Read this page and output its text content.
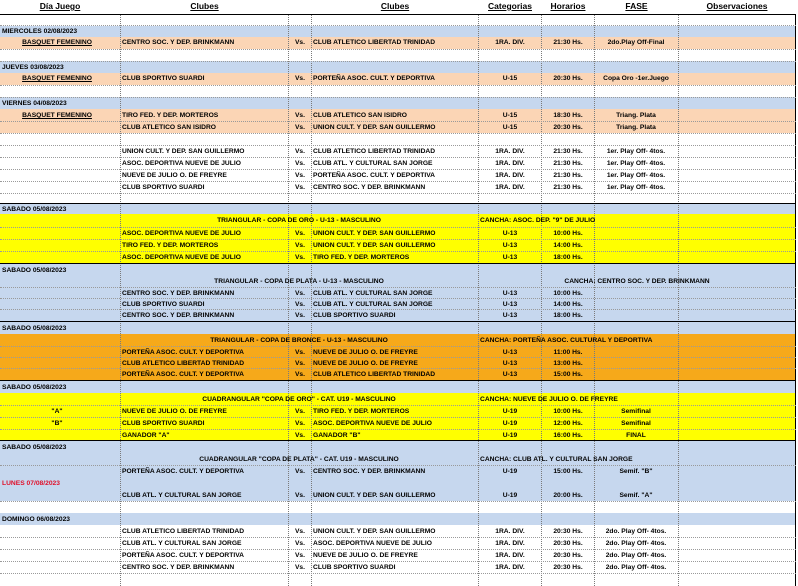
Día Juego	Clubes	Clubes	Categorias	Horarios	FASE	Observaciones
MIERCOLES 02/08/2023
BASQUET FEMENINO	CENTRO SOC. Y DEP. BRINKMANN	Vs.	CLUB ATLETICO LIBERTAD TRINIDAD	1RA. DIV.	21:30 Hs.	2do.Play Off-Final
JUEVES 03/08/2023
BASQUET FEMENINO	CLUB SPORTIVO SUARDI	Vs.	PORTEÑA ASOC. CULT. Y DEPORTIVA	U-15	20:30 Hs.	Copa Oro -1er.Juego
VIERNES 04/08/2023
BASQUET FEMENINO	TIRO FED. Y DEP. MORTEROS	Vs.	CLUB ATLETICO SAN ISIDRO	U-15	18:30 Hs.	Triang. Plata
CLUB ATLETICO SAN ISIDRO	Vs.	UNION CULT. Y DEP. SAN GUILLERMO	U-15	20:30 Hs.	Triang. Plata
UNION CULT. Y DEP. SAN GUILLERMO	Vs.	CLUB ATLETICO LIBERTAD TRINIDAD	1RA. DIV.	21:30 Hs.	1er. Play Off- 4tos.
ASOC. DEPORTIVA NUEVE DE JULIO	Vs.	CLUB ATL. Y CULTURAL SAN JORGE	1RA. DIV.	21:30 Hs.	1er. Play Off- 4tos.
NUEVE DE JULIO O. DE FREYRE	Vs.	PORTEÑA ASOC. CULT. Y DEPORTIVA	1RA. DIV.	21:30 Hs.	1er. Play Off- 4tos.
CLUB SPORTIVO SUARDI	Vs.	CENTRO SOC. Y DEP. BRINKMANN	1RA. DIV.	21:30 Hs.	1er. Play Off- 4tos.
SABADO 05/08/2023
TRIANGULAR - COPA DE ORO - U-13 - MASCULINO	CANCHA: ASOC. DEP. "9" DE JULIO
ASOC. DEPORTIVA NUEVE DE JULIO	Vs.	UNION CULT. Y DEP. SAN GUILLERMO	U-13	10:00 Hs.
TIRO FED. Y DEP. MORTEROS	Vs.	UNION CULT. Y DEP. SAN GUILLERMO	U-13	14:00 Hs.
ASOC. DEPORTIVA NUEVE DE JULIO	Vs.	TIRO FED. Y DEP. MORTEROS	U-13	18:00 Hs.
SABADO 05/08/2023
TRIANGULAR - COPA DE PLATA - U-13 - MASCULINO	CANCHA: CENTRO SOC. Y DEP. BRINKMANN
CENTRO SOC. Y DEP. BRINKMANN	Vs.	CLUB ATL. Y CULTURAL SAN JORGE	U-13	10:00 Hs.
CLUB SPORTIVO SUARDI	Vs.	CLUB ATL. Y CULTURAL SAN JORGE	U-13	14:00 Hs.
CENTRO SOC. Y DEP. BRINKMANN	Vs.	CLUB SPORTIVO SUARDI	U-13	18:00 Hs.
SABADO 05/08/2023
TRIANGULAR - COPA DE BRONCE - U-13 - MASCULINO	CANCHA: PORTEÑA ASOC. CULTURAL Y DEPORTIVA
PORTEÑA ASOC. CULT. Y DEPORTIVA	Vs.	NUEVE DE JULIO O. DE FREYRE	U-13	11:00 Hs.
CLUB ATLETICO LIBERTAD TRINIDAD	Vs.	NUEVE DE JULIO O. DE FREYRE	U-13	13:00 Hs.
PORTEÑA ASOC. CULT. Y DEPORTIVA	Vs.	CLUB ATLETICO LIBERTAD TRINIDAD	U-13	15:00 Hs.
SABADO 05/08/2023
CUADRANGULAR "COPA DE ORO" - CAT. U19 - MASCULINO	CANCHA: NUEVE DE JULIO O. DE FREYRE
"A"	NUEVE DE JULIO O. DE FREYRE	Vs.	TIRO FED. Y DEP. MORTEROS	U-19	10:00 Hs.	Semifinal
"B"	CLUB SPORTIVO SUARDI	Vs.	ASOC. DEPORTIVA NUEVE DE JULIO	U-19	12:00 Hs.	Semifinal
GANADOR "A"	Vs.	GANADOR "B"	U-19	16:00 Hs.	FINAL
SABADO 05/08/2023
CUADRANGULAR "COPA DE PLATA" - CAT. U19 - MASCULINO	CANCHA: CLUB ATL. Y CULTURAL SAN JORGE
PORTEÑA ASOC. CULT. Y DEPORTIVA	Vs.	CENTRO SOC. Y DEP. BRINKMANN	U-19	15:00 Hs.	Semif. "B"
LUNES 07/08/2023
CLUB ATL. Y CULTURAL SAN JORGE	Vs.	UNION CULT. Y DEP. SAN GUILLERMO	U-19	20:00 Hs.	Semif. "A"
DOMINGO 06/08/2023
CLUB ATLETICO LIBERTAD TRINIDAD	Vs.	UNION CULT. Y DEP. SAN GUILLERMO	1RA. DIV.	20:30 Hs.	2do. Play Off- 4tos.
CLUB ATL. Y CULTURAL SAN JORGE	Vs.	ASOC. DEPORTIVA NUEVE DE JULIO	1RA. DIV.	20:30 Hs.	2do. Play Off- 4tos.
PORTEÑA ASOC. CULT. Y DEPORTIVA	Vs.	NUEVE DE JULIO O. DE FREYRE	1RA. DIV.	20:30 Hs.	2do. Play Off- 4tos.
CENTRO SOC. Y DEP. BRINKMANN	Vs.	CLUB SPORTIVO SUARDI	1RA. DIV.	20:30 Hs.	2do. Play Off- 4tos.
